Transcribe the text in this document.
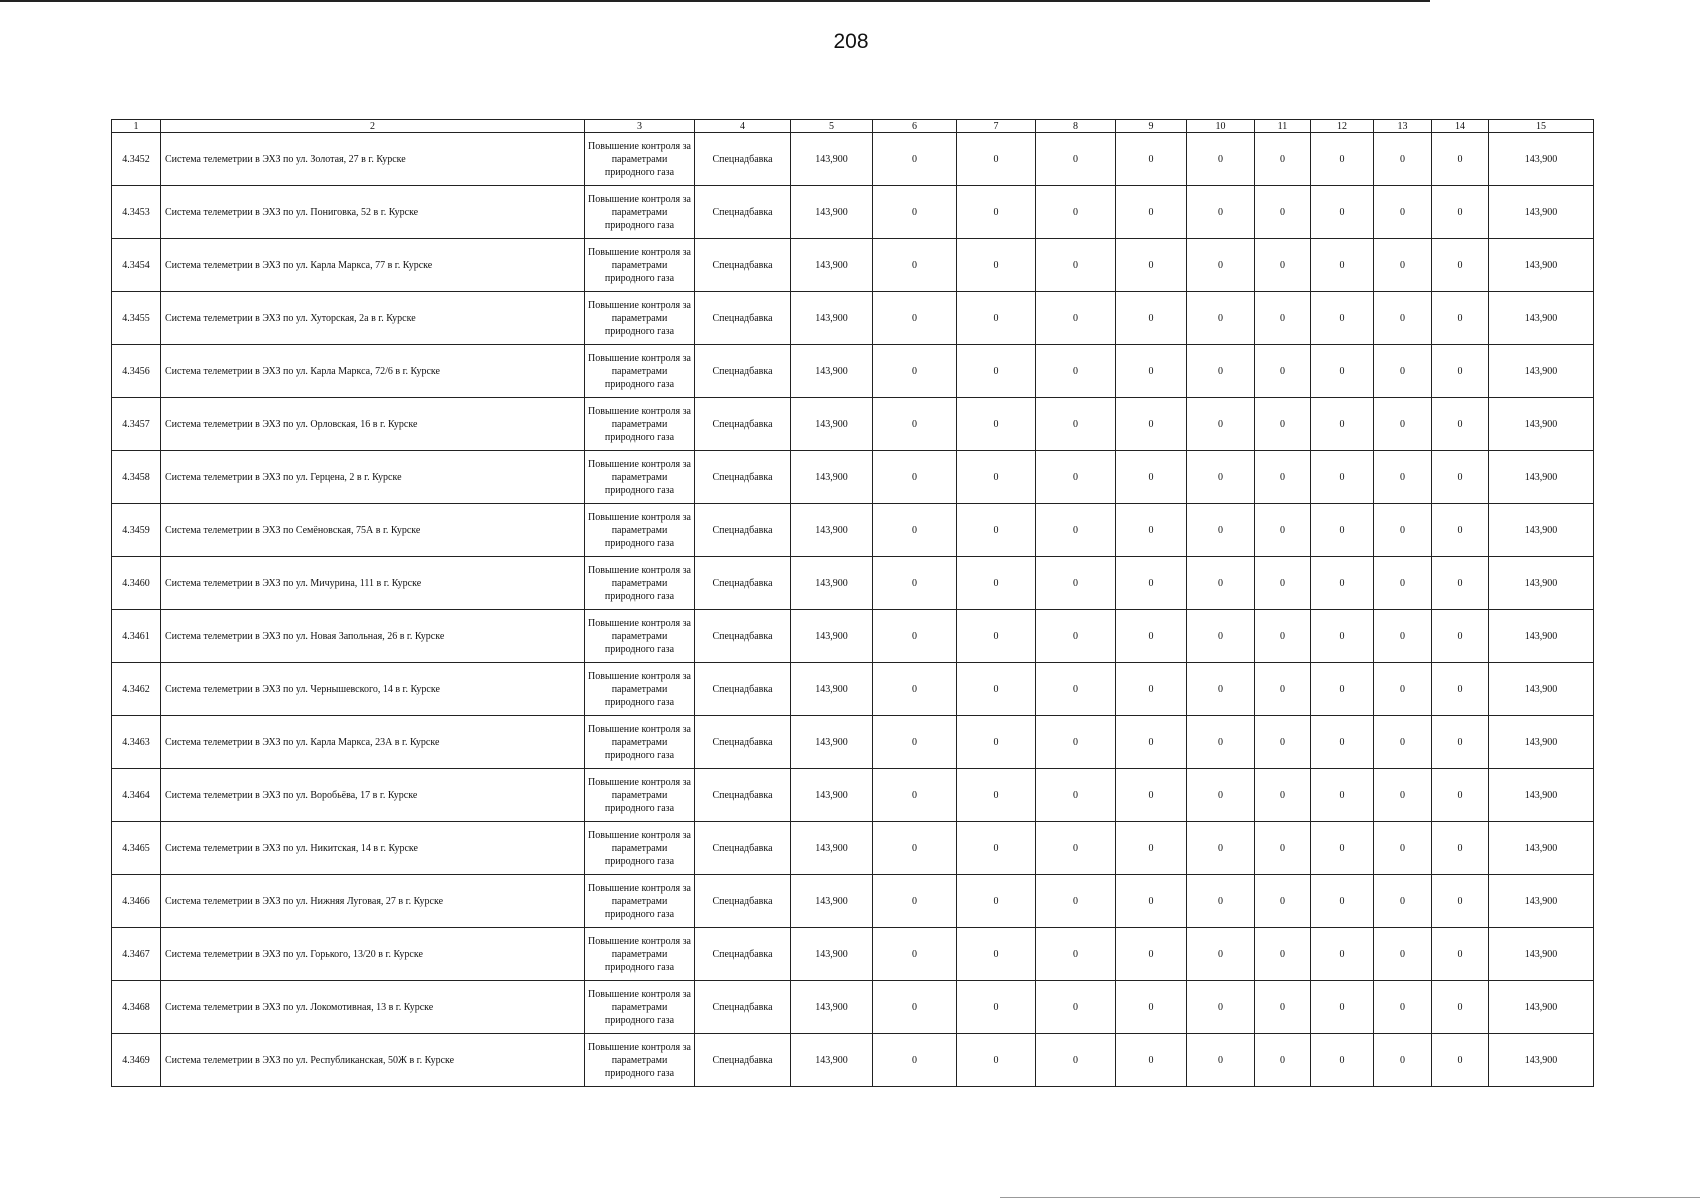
208
1	2	3	4	5	6	7	8	9	10	11	12	13	14	15
4.3452	Система телеметрии в ЭХЗ по ул. Золотая, 27 в г. Курске	Повышение контроля за параметрами природного газа	Спецнадбавка	143,900	0	0	0	0	0	0	0	0	0	143,900
4.3453	Система телеметрии в ЭХЗ по ул. Пониговка, 52 в г. Курске	Повышение контроля за параметрами природного газа	Спецнадбавка	143,900	0	0	0	0	0	0	0	0	0	143,900
4.3454	Система телеметрии в ЭХЗ по ул. Карла Маркса, 77 в г. Курске	Повышение контроля за параметрами природного газа	Спецнадбавка	143,900	0	0	0	0	0	0	0	0	0	143,900
4.3455	Система телеметрии в ЭХЗ по ул. Хуторская, 2а в г. Курске	Повышение контроля за параметрами природного газа	Спецнадбавка	143,900	0	0	0	0	0	0	0	0	0	143,900
4.3456	Система телеметрии в ЭХЗ по ул. Карла Маркса, 72/6 в г. Курске	Повышение контроля за параметрами природного газа	Спецнадбавка	143,900	0	0	0	0	0	0	0	0	0	143,900
4.3457	Система телеметрии в ЭХЗ по ул. Орловская, 16 в г. Курске	Повышение контроля за параметрами природного газа	Спецнадбавка	143,900	0	0	0	0	0	0	0	0	0	143,900
4.3458	Система телеметрии в ЭХЗ по ул. Герцена, 2 в г. Курске	Повышение контроля за параметрами природного газа	Спецнадбавка	143,900	0	0	0	0	0	0	0	0	0	143,900
4.3459	Система телеметрии в ЭХЗ по Семёновская, 75А в г. Курске	Повышение контроля за параметрами природного газа	Спецнадбавка	143,900	0	0	0	0	0	0	0	0	0	143,900
4.3460	Система телеметрии в ЭХЗ по ул. Мичурина, 111 в г. Курске	Повышение контроля за параметрами природного газа	Спецнадбавка	143,900	0	0	0	0	0	0	0	0	0	143,900
4.3461	Система телеметрии в ЭХЗ по ул. Новая Запольная, 26 в г. Курске	Повышение контроля за параметрами природного газа	Спецнадбавка	143,900	0	0	0	0	0	0	0	0	0	143,900
4.3462	Система телеметрии в ЭХЗ по ул. Чернышевского, 14 в г. Курске	Повышение контроля за параметрами природного газа	Спецнадбавка	143,900	0	0	0	0	0	0	0	0	0	143,900
4.3463	Система телеметрии в ЭХЗ по ул. Карла Маркса, 23А в г. Курске	Повышение контроля за параметрами природного газа	Спецнадбавка	143,900	0	0	0	0	0	0	0	0	0	143,900
4.3464	Система телеметрии в ЭХЗ по ул. Воробьёва, 17 в г. Курске	Повышение контроля за параметрами природного газа	Спецнадбавка	143,900	0	0	0	0	0	0	0	0	0	143,900
4.3465	Система телеметрии в ЭХЗ по ул. Никитская, 14 в г. Курске	Повышение контроля за параметрами природного газа	Спецнадбавка	143,900	0	0	0	0	0	0	0	0	0	143,900
4.3466	Система телеметрии в ЭХЗ по ул. Нижняя Луговая, 27 в г. Курске	Повышение контроля за параметрами природного газа	Спецнадбавка	143,900	0	0	0	0	0	0	0	0	0	143,900
4.3467	Система телеметрии в ЭХЗ по ул. Горького, 13/20 в г. Курске	Повышение контроля за параметрами природного газа	Спецнадбавка	143,900	0	0	0	0	0	0	0	0	0	143,900
4.3468	Система телеметрии в ЭХЗ по ул. Локомотивная, 13 в г. Курске	Повышение контроля за параметрами природного газа	Спецнадбавка	143,900	0	0	0	0	0	0	0	0	0	143,900
4.3469	Система телеметрии в ЭХЗ по ул. Республиканская, 50Ж в г. Курске	Повышение контроля за параметрами природного газа	Спецнадбавка	143,900	0	0	0	0	0	0	0	0	0	143,900
